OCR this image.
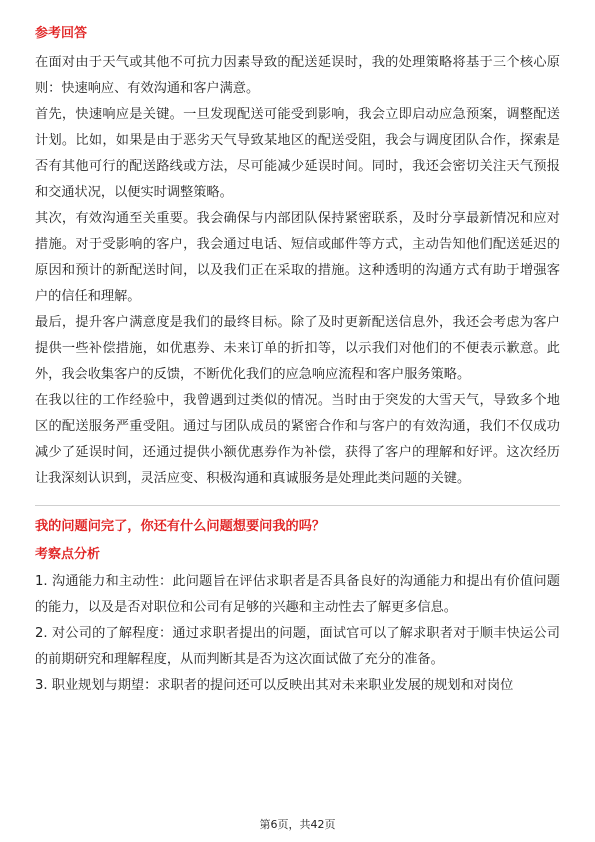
参考回答

在面对由于天气或其他不可抗力因素导致的配送延误时，我的处理策略将基于三个核心原则：快速响应、有效沟通和客户满意。

首先，快速响应是关键。一旦发现配送可能受到影响，我会立即启动应急预案，调整配送计划。比如，如果是由于恶劣天气导致某地区的配送受阻，我会与调度团队合作，探索是否有其他可行的配送路线或方法，尽可能减少延误时间。同时，我还会密切关注天气预报和交通状况，以便实时调整策略。

其次，有效沟通至关重要。我会确保与内部团队保持紧密联系，及时分享最新情况和应对措施。对于受影响的客户，我会通过电话、短信或邮件等方式，主动告知他们配送延迟的原因和预计的新配送时间，以及我们正在采取的措施。这种透明的沟通方式有助于增强客户的信任和理解。

最后，提升客户满意度是我们的最终目标。除了及时更新配送信息外，我还会考虑为客户提供一些补偿措施，如优惠券、未来订单的折扣等，以示我们对他们的不便表示歉意。此外，我会收集客户的反馈，不断优化我们的应急响应流程和客户服务策略。

在我以往的工作经验中，我曾遇到过类似的情况。当时由于突发的大雪天气，导致多个地区的配送服务严重受阻。通过与团队成员的紧密合作和与客户的有效沟通，我们不仅成功减少了延误时间，还通过提供小额优惠券作为补偿，获得了客户的理解和好评。这次经历让我深刻认识到，灵活应变、积极沟通和真诚服务是处理此类问题的关键。

我的问题问完了，你还有什么问题想要问我的吗？
考察点分析

1. 沟通能力和主动性：此问题旨在评估求职者是否具备良好的沟通能力和提出有价值问题的能力，以及是否对职位和公司有足够的兴趣和主动性去了解更多信息。

2. 对公司的了解程度：通过求职者提出的问题，面试官可以了解求职者对于顺丰快运公司的前期研究和理解程度，从而判断其是否为这次面试做了充分的准备。

3. 职业规划与期望：求职者的提问还可以反映出其对未来职业发展的规划和对岗位

第6页，共42页
